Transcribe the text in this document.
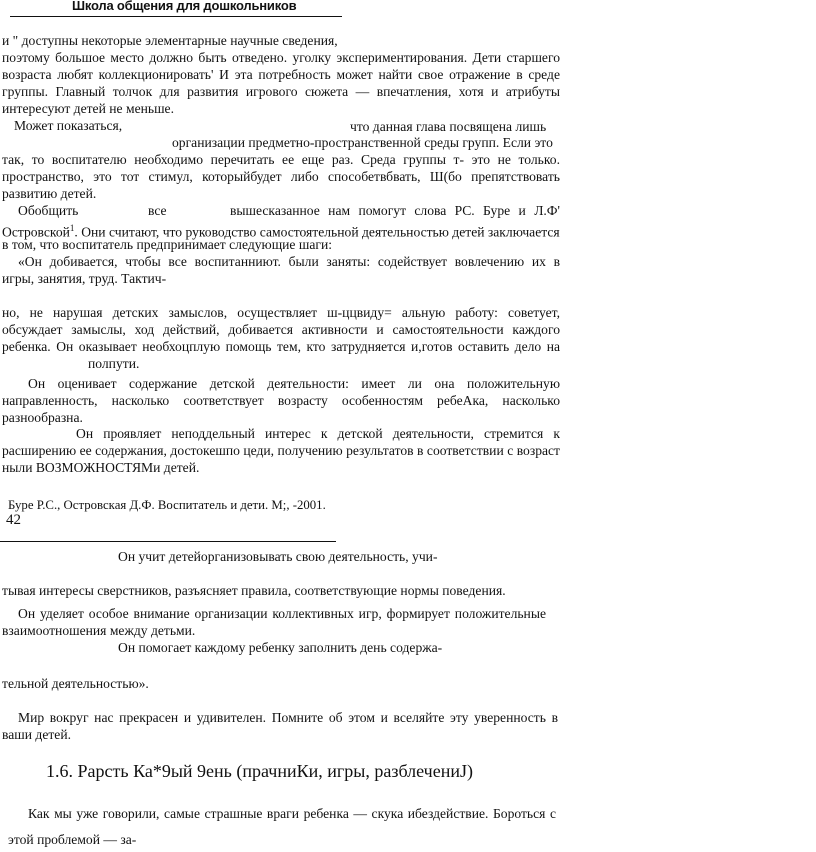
Школа общения для дошкольников
и " доступны некоторые элементарные научные сведения,
поэтому большое место должно быть отведено. уголку экспериментирования. Дети старшего
возраста любят коллекционировать' И эта потребность может найти свое отражение в среде
группы. Главный толчок для развития игрового сюжета — впечатления, хотя и атрибуты
интересуют детей не меньше.
Может показаться,	что данная глава посвящена лишь
организации предметно-пространственной среды групп. Если это
так, то воспитателю необходимо перечитать ее еще раз. Среда группы т- это не только.
пространство, это тот стимул, которыйбудет либо способетвбвать, Ш(бо препятствовать
развитию детей.
Обобщить	все	вышесказанное нам помогут слова PC. Буре и Л.Ф'
Островской$^1$. Они считают, что руководство самостоятельной деятельностью детей заключается
в том, что воспитатель предпринимает следующие шаги:
«Он добивается, чтобы все воспитанниют. были заняты: содействует вовлечению их в
игры, занятия, труд. Тактич-
но, не нарушая детских замыслов, осуществляет ш-ццвиду= альную работу: советует,
обсуждает замыслы, ход действий, добивается активности и самостоятельности каждого
ребенка. Он оказывает необхоцплую помощь тем, кто затрудняется и,готов оставить дело на
полпути.
Он оценивает содержание детской деятельности: имеет ли она положительную
направленность, насколько соответствует возрасту особенностям ребеАка, насколько
разнообразна.
Он проявляет неподдельный интерес к детской деятельности, стремится к
расширению ее содержания, достокешпо цеди, получению результатов в соответствии с возраст
ныли ВОЗМОЖНОСТЯМи детей.
Буре Р.С., Островская Д.Ф. Воспитатель и дети. М;, -2001.
42
Он учит детейорганизовывать свою деятельность, учи-
тывая интересы сверстников, разъясняет правила, соответствующие нормы поведения.
Он уделяет особое внимание организации коллективных игр, формирует положительные
взаимоотношения между детьми.
Он помогает каждому ребенку заполнить день содержа-
тельной деятельностью».
Мир вокруг нас прекрасен и удивителен. Помните об этом и вселяйте эту уверенность в
ваши детей.
1.6. Рарсть Ка*9ый 9ень (прачниКи, игры, разблечениJ)
Как мы уже говорили, самые страшные враги ребенка — скука ибездействие. Бороться с
этой проблемой — за-
